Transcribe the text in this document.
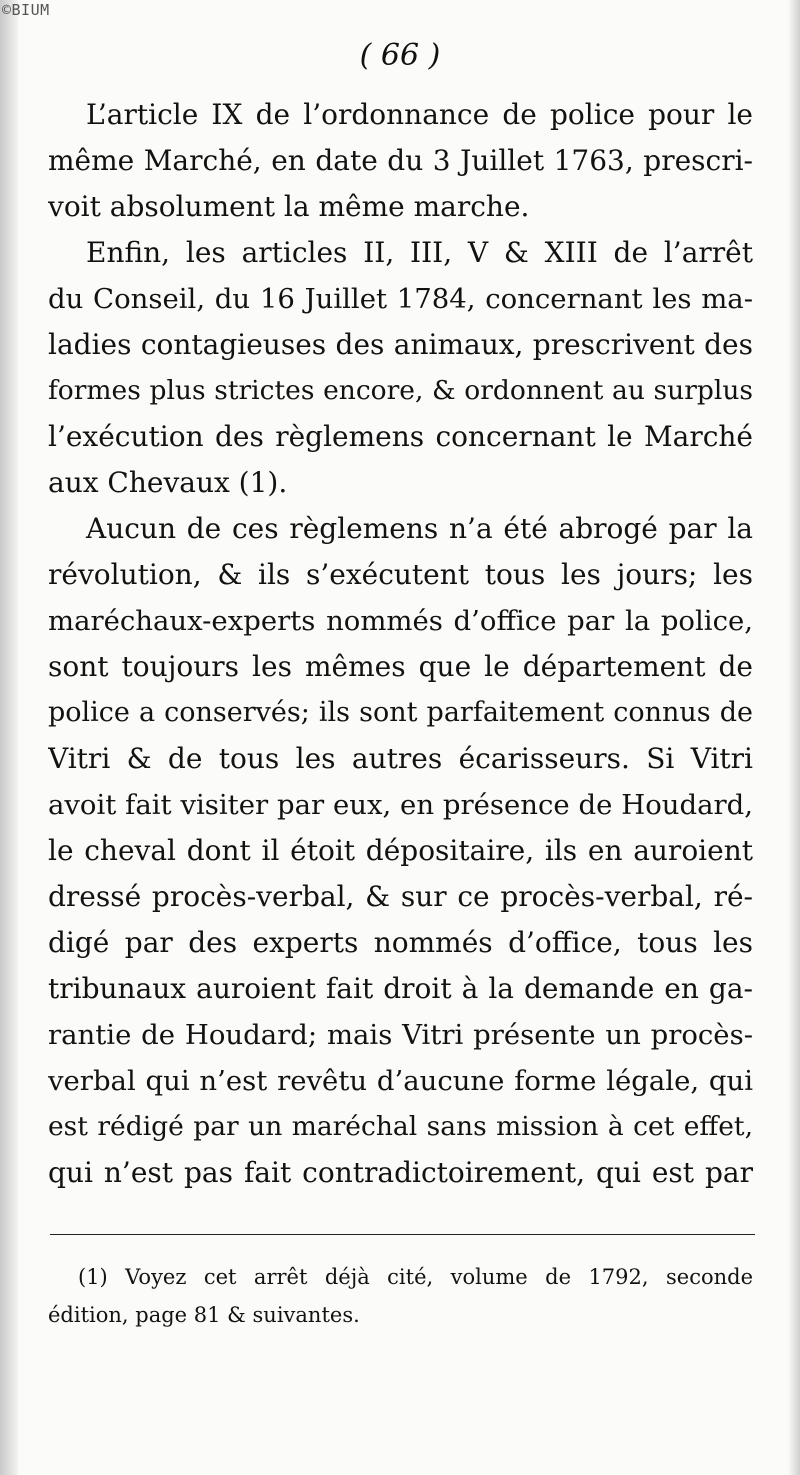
©BIUM
( 66 )
L’article IX de l’ordonnance de police pour le
même Marché, en date du 3 Juillet 1763, prescri-
voit absolument la même marche.
Enfin, les articles II, III, V & XIII de l’arrêt
du Conseil, du 16 Juillet 1784, concernant les ma-
ladies contagieuses des animaux, prescrivent des
formes plus strictes encore, & ordonnent au surplus
l’exécution des règlemens concernant le Marché
aux Chevaux (1).
Aucun de ces règlemens n’a été abrogé par la
révolution, & ils s’exécutent tous les jours; les
maréchaux-experts nommés d’office par la police,
sont toujours les mêmes que le département de
police a conservés; ils sont parfaitement connus de
Vitri & de tous les autres écarisseurs. Si Vitri
avoit fait visiter par eux, en présence de Houdard,
le cheval dont il étoit dépositaire, ils en auroient
dressé procès-verbal, & sur ce procès-verbal, ré-
digé par des experts nommés d’office, tous les
tribunaux auroient fait droit à la demande en ga-
rantie de Houdard; mais Vitri présente un procès-
verbal qui n’est revêtu d’aucune forme légale, qui
est rédigé par un maréchal sans mission à cet effet,
qui n’est pas fait contradictoirement, qui est par
(1) Voyez cet arrêt déjà cité, volume de 1792, seconde
édition, page 81 & suivantes.
